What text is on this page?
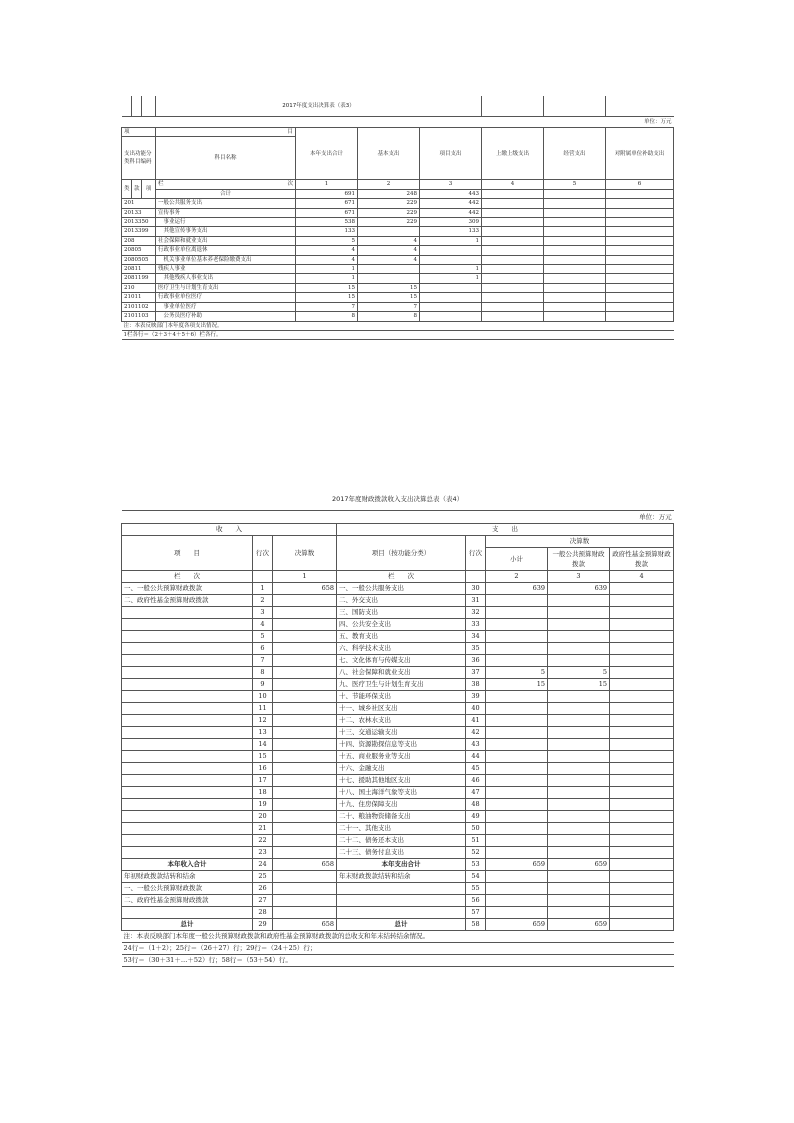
			2017年度支出决算表（表3）						
单位：万元									
项			目	本年支出合计	基本支出	项目支出	上缴上级支出	经营支出	对附属单位补助支出
支出功能分类科目编码			科目名称						
类	款	项	栏 次	1	2	3	4	5	6
			合计	691	248	443			
201			一般公共服务支出	671	229	442			
20133			宣传事务	671	229	442			
2013350			　事业运行	538	229	309			
2013399			　其他宣传事务支出	133		133			
208			社会保障和就业支出	5	4	1			
20805			行政事业单位离退休	4	4				
2080505			　机关事业单位基本养老保险缴费支出	4	4				
20811			残疾人事业	1		1			
2081199			　其他残疾人事业支出	1		1			
210			医疗卫生与计划生育支出	15	15				
21011			行政事业单位医疗	15	15				
2101102			　事业单位医疗	7	7				
2101103			　公务员医疗补助	8	8				
注：本表反映部门本年度各项支出情况。									
1栏各行＝（2＋3＋4＋5＋6）栏各行。									
2017年度财政拨款收入支出决算总表（表4）							
单位：万元							
收　　入			支　　出				
项　　目	行次	决算数	项目（按功能分类）	行次	决算数		
					小计	一般公共预算财政拨款	政府性基金预算财政拨款
栏　　次		1	栏　　次		2	3	4
一、一般公共预算财政拨款	1	658	一、一般公共服务支出	30	639	639	
二、政府性基金预算财政拨款	2		二、外交支出	31			
	3		三、国防支出	32			
	4		四、公共安全支出	33			
	5		五、教育支出	34			
	6		六、科学技术支出	35			
	7		七、文化体育与传媒支出	36			
	8		八、社会保障和就业支出	37	5	5	
	9		九、医疗卫生与计划生育支出	38	15	15	
	10		十、节能环保支出	39			
	11		十一、城乡社区支出	40			
	12		十二、农林水支出	41			
	13		十三、交通运输支出	42			
	14		十四、资源勘探信息等支出	43			
	15		十五、商业服务业等支出	44			
	16		十六、金融支出	45			
	17		十七、援助其他地区支出	46			
	18		十八、国土海洋气象等支出	47			
	19		十九、住房保障支出	48			
	20		二十、粮油物资储备支出	49			
	21		二十一、其他支出	50			
	22		二十二、债务还本支出	51			
	23		二十三、债务付息支出	52			
本年收入合计	24	658	本年支出合计	53	659	659	
年初财政拨款结转和结余	25		年末财政拨款结转和结余	54			
一、一般公共预算财政拨款	26			55			
二、政府性基金预算财政拨款	27			56			
	28			57			
总计	29	658	总计	58	659	659	
注：本表反映部门本年度一般公共预算财政拨款和政府性基金预算财政拨款的总收支和年末结转结余情况。							
24行＝（1＋2）；25行＝（26＋27）行；29行＝（24＋25）行；							
53行＝（30＋31＋…＋52）行；58行＝（53＋54）行。							
